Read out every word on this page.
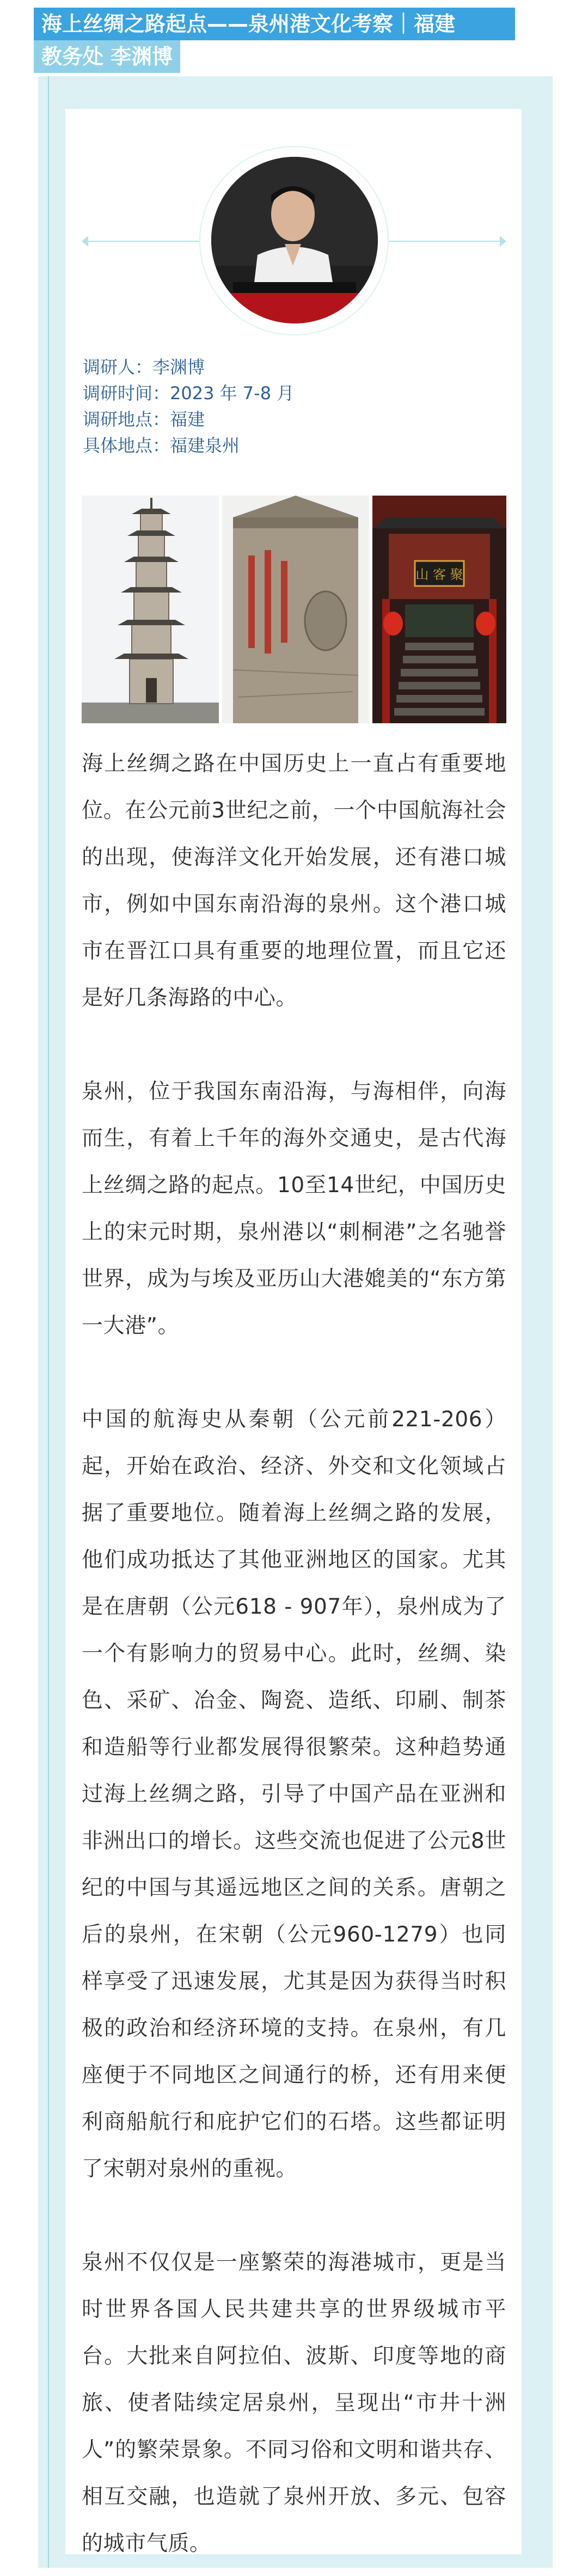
海上丝绸之路起点——泉州港文化考察｜福建
教务处 李渊博
调研人：李渊博
调研时间：2023 年 7-8 月
调研地点：福建
具体地点：福建泉州
山 客 聚

海上丝绸之路在中国历史上一直占有重要地位。在公元前3世纪之前，一个中国航海社会的出现，使海洋文化开始发展，还有港口城市，例如中国东南沿海的泉州。这个港口城市在晋江口具有重要的地理位置，而且它还是好几条海路的中心。

泉州，位于我国东南沿海，与海相伴，向海而生，有着上千年的海外交通史，是古代海上丝绸之路的起点。10至14世纪，中国历史上的宋元时期，泉州港以“刺桐港”之名驰誉世界，成为与埃及亚历山大港媲美的“东方第一大港”。

中国的航海史从秦朝（公元前221-206）起，开始在政治、经济、外交和文化领域占据了重要地位。随着海上丝绸之路的发展，他们成功抵达了其他亚洲地区的国家。尤其是在唐朝（公元618 - 907年），泉州成为了一个有影响力的贸易中心。此时，丝绸、染色、采矿、冶金、陶瓷、造纸、印刷、制茶和造船等行业都发展得很繁荣。这种趋势通过海上丝绸之路，引导了中国产品在亚洲和非洲出口的增长。这些交流也促进了公元8世纪的中国与其遥远地区之间的关系。唐朝之后的泉州，在宋朝（公元960-1279）也同样享受了迅速发展，尤其是因为获得当时积极的政治和经济环境的支持。在泉州，有几座便于不同地区之间通行的桥，还有用来便利商船航行和庇护它们的石塔。这些都证明了宋朝对泉州的重视。

泉州不仅仅是一座繁荣的海港城市，更是当时世界各国人民共建共享的世界级城市平台。大批来自阿拉伯、波斯、印度等地的商旅、使者陆续定居泉州，呈现出“市井十洲人”的繁荣景象。不同习俗和文明和谐共存、相互交融，也造就了泉州开放、多元、包容的城市气质。
